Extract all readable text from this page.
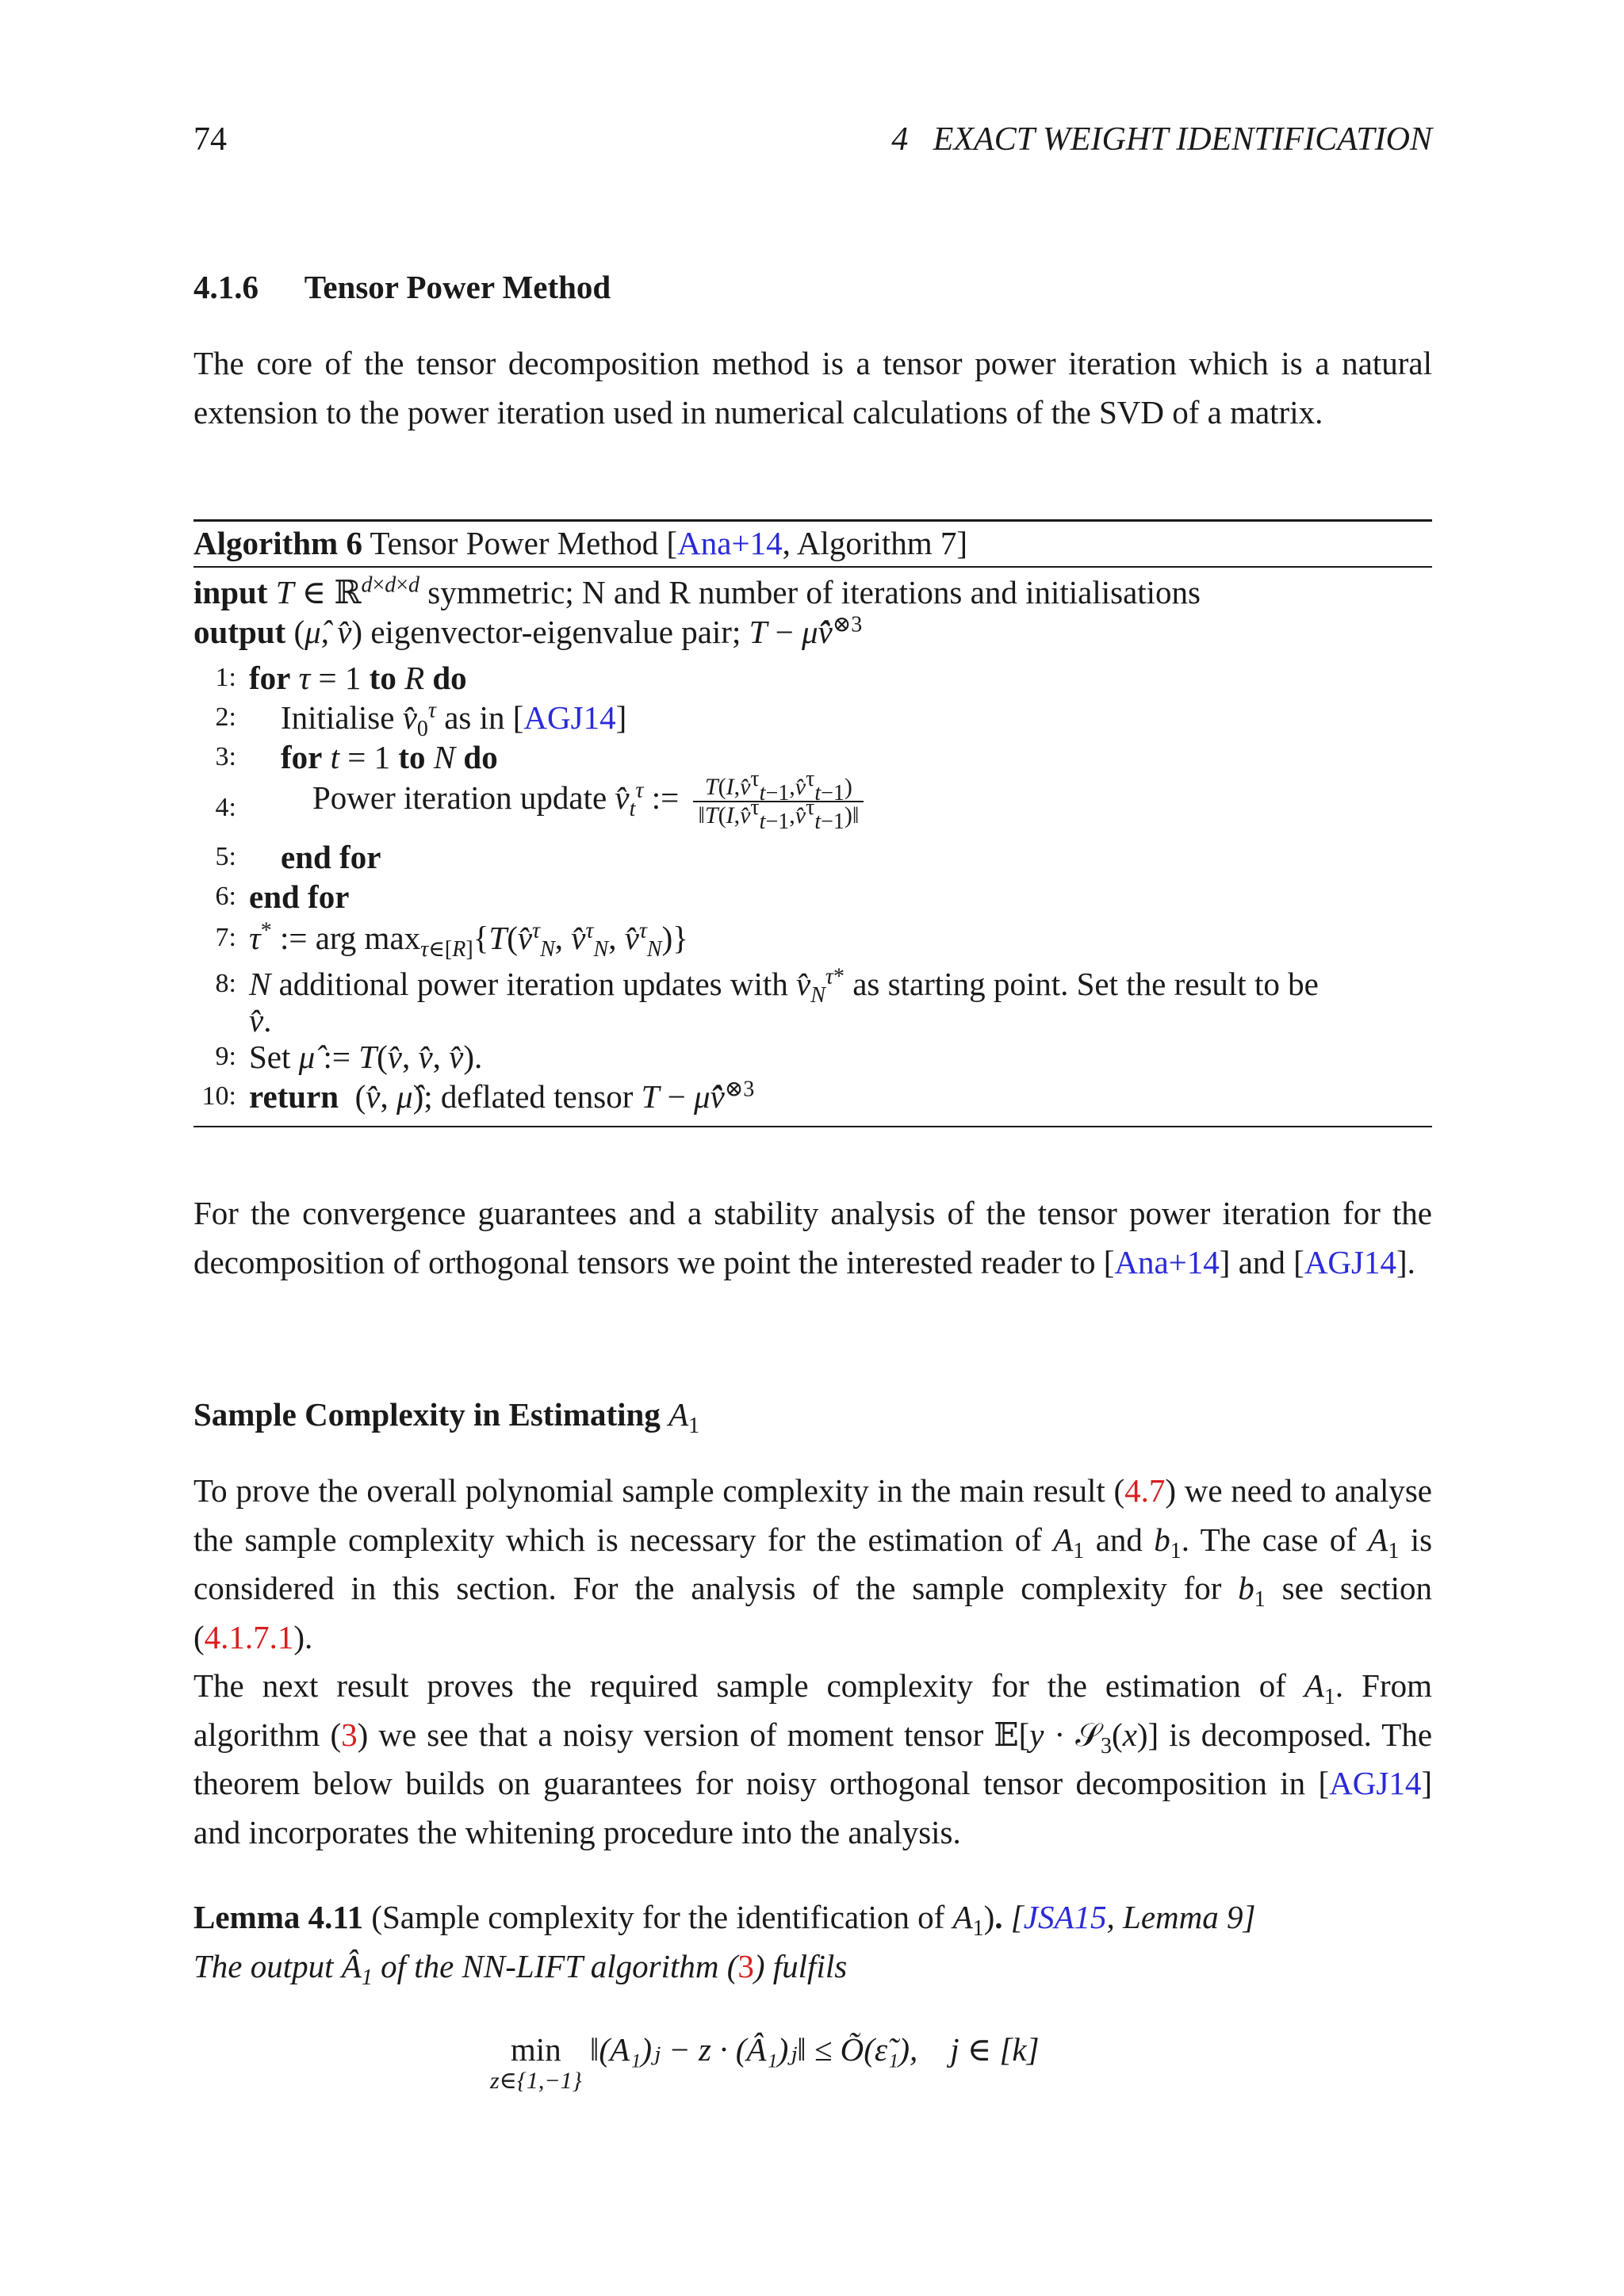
74	4   EXACT WEIGHT IDENTIFICATION
4.1.6 Tensor Power Method
The core of the tensor decomposition method is a tensor power iteration which is a natural extension to the power iteration used in numerical calculations of the SVD of a matrix.
Algorithm 6 Tensor Power Method [Ana+14, Algorithm 7]
input T ∈ ℝ$^{d\times d\times d}$ symmetric; N and R number of iterations and initialisations
output (μ̂, v̂) eigenvector-eigenvalue pair; T − μ̂v̂$^{\otimes 3}$
1: for τ = 1 to R do
2: Initialise $v̂_0^\tau$ as in [AGJ14]
3: for t = 1 to N do
4: Power iteration update $v̂_t^\tau$ := $\frac{T(I,v̂^\tau_{t-1},v̂^\tau_{t-1})}{‖T(I,v̂^\tau_{t-1},v̂^\tau_{t-1})‖}$
5: end for
6: end for
7: τ* := arg $\max_{\tau\in[R]}\{T(v̂^\tau_N$, v̂$^\tau_N$, v̂$^\tau_N$)}
8: N additional power iteration updates with $v̂_N^{\tau*}$ as starting point. Set the result to be
v̂.
9: Set μ̂ := T(v̂, v̂, v̂).
10: return  (v̂, μ̂); deflated tensor T − μ̂v̂$^{\otimes 3}$
For the convergence guarantees and a stability analysis of the tensor power iteration for the decomposition of orthogonal tensors we point the interested reader to [Ana+14] and [AGJ14].
Sample Complexity in Estimating $A_1$
To prove the overall polynomial sample complexity in the main result (4.7) we need to analyse the sample complexity which is necessary for the estimation of $A_1$ and $b_1$. The case of $A_1$ is considered in this section. For the analysis of the sample complexity for $b_1$ see section (4.1.7.1).
The next result proves the required sample complexity for the estimation of $A_1$. From algorithm (3) we see that a noisy version of moment tensor 𝔼[y · 𝒮$_3$(x)] is decomposed. The theorem below builds on guarantees for noisy orthogonal tensor decomposition in [AGJ14] and incorporates the whitening procedure into the analysis.
Lemma 4.11 (Sample complexity for the identification of $A_1$). [JSA15, Lemma 9]
The output $Â_1$ of the NN-LIFT algorithm (3) fulfils
min
z∈{1,−1}
‖(A₁)ⱼ − z · (Â₁)ⱼ‖ ≤ Õ(ε̃₁),    j ∈ [k]
